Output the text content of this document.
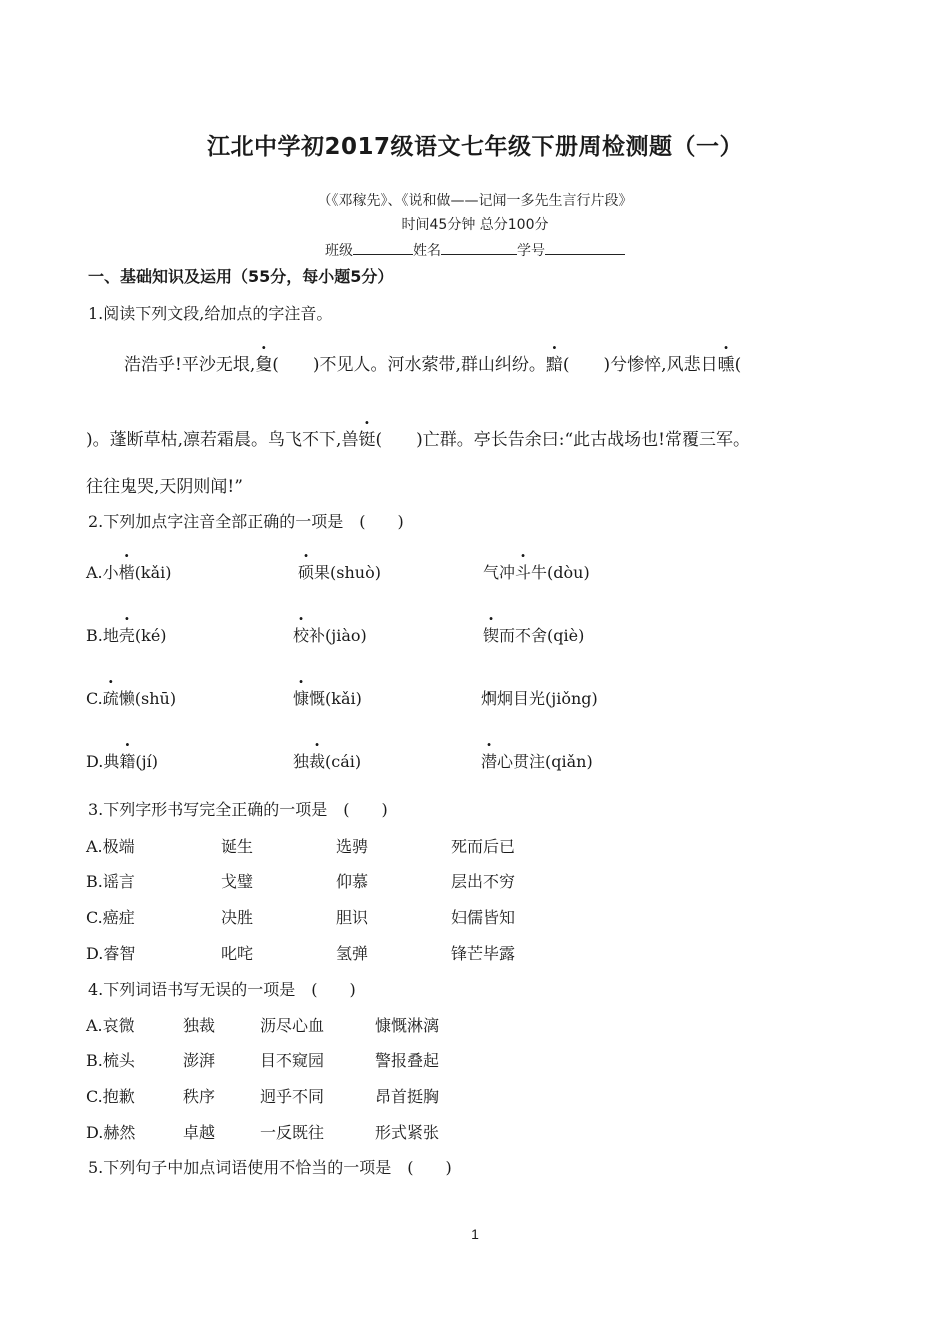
江北中学初2017级语文七年级下册周检测题（一）
（《邓稼先》、《说和做——记闻一多先生言行片段》
时间45分钟 总分100分
班级	姓名	学号
一、基础知识及运用（55分，每小题5分）
1.阅读下列文段,给加点的字注音。
浩浩乎!平沙无垠,敻(　　)不见人。河水萦带,群山纠纷。黯(　　)兮惨悴,风悲日曛(
)。蓬断草枯,凛若霜晨。鸟飞不下,兽铤(　　)亡群。亭长告余曰:“此古战场也!常覆三军。
往往鬼哭,天阴则闻!”
2.下列加点字注音全部正确的一项是　(　　)
A.小楷(kǎi)	硕果(shuò)	气冲斗牛(dòu)
B.地壳(ké)	校补(jiào)	锲而不舍(qiè)
C.疏懒(shū)	慷慨(kǎi)	炯炯目光(jiǒng)
D.典籍(jí)	独裁(cái)	潜心贯注(qiǎn)
3.下列字形书写完全正确的一项是　(　　)
A.极端	诞生	选骋	死而后已
B.谣言	戈璧	仰慕	层出不穷
C.癌症	决胜	胆识	妇儒皆知
D.睿智	叱咤	氢弹	锋芒毕露
4.下列词语书写无误的一项是　(　　)
A.哀微	独裁	沥尽心血	慷慨淋漓
B.梳头	澎湃	目不窥园	警报叠起
C.抱歉	秩序	迥乎不同	昂首挺胸
D.赫然	卓越	一反既往	形式紧张
5.下列句子中加点词语使用不恰当的一项是　(　　)
1
